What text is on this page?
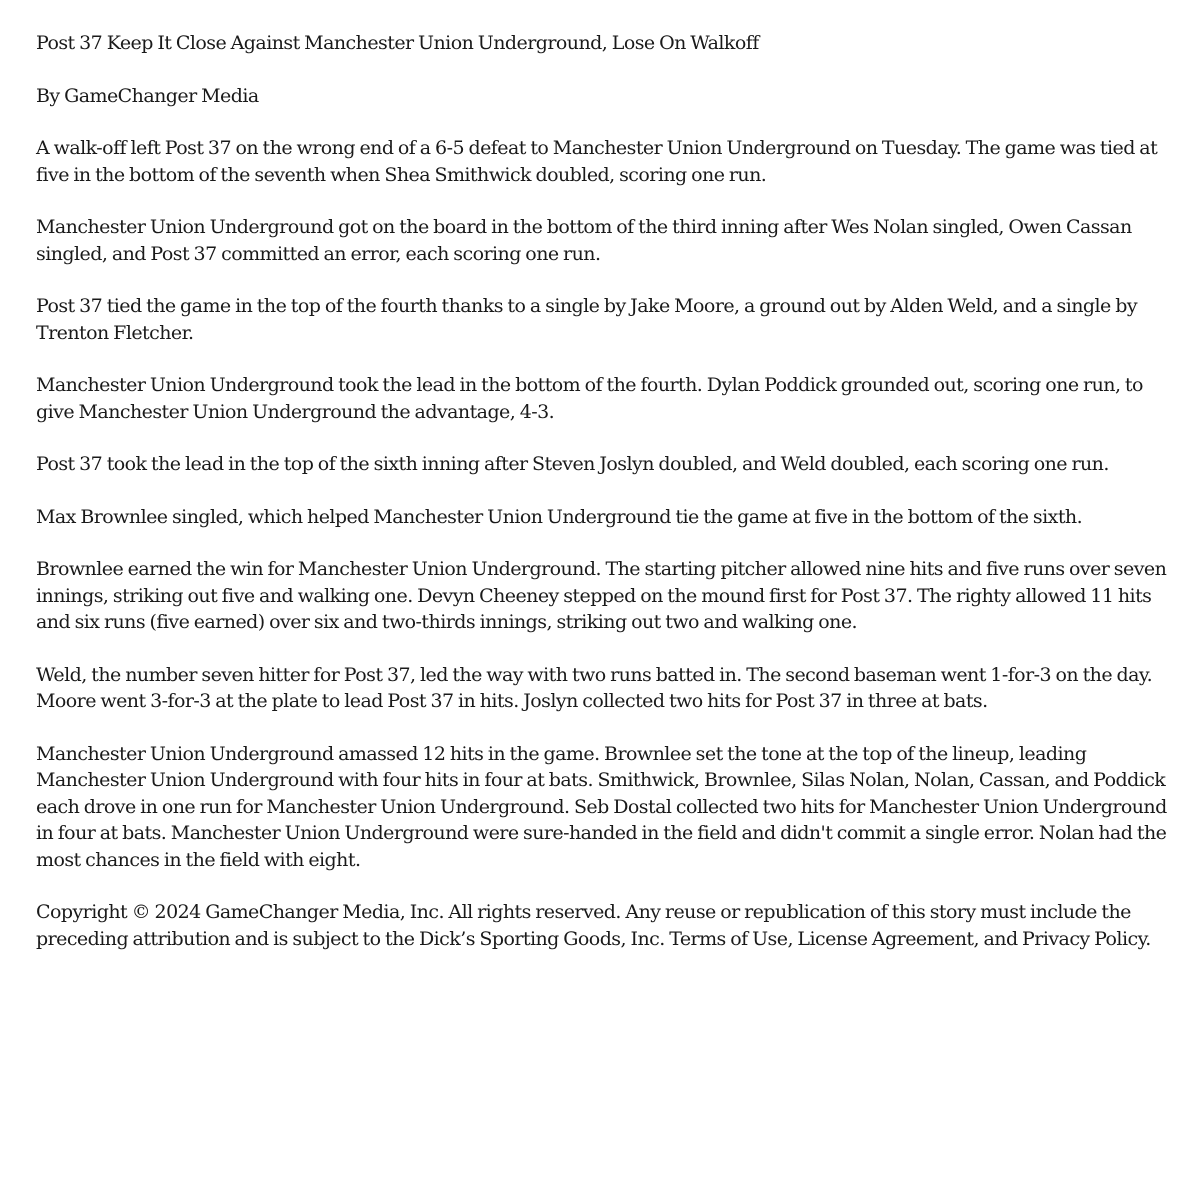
Post 37 Keep It Close Against Manchester Union Underground, Lose On Walkoff

By GameChanger Media

A walk-off left Post 37 on the wrong end of a 6-5 defeat to Manchester Union Underground on Tuesday. The game was tied at five in the bottom of the seventh when Shea Smithwick doubled, scoring one run.

Manchester Union Underground got on the board in the bottom of the third inning after Wes Nolan singled, Owen Cassan singled, and Post 37 committed an error, each scoring one run.

Post 37 tied the game in the top of the fourth thanks to a single by Jake Moore, a ground out by Alden Weld, and a single by Trenton Fletcher.

Manchester Union Underground took the lead in the bottom of the fourth. Dylan Poddick grounded out, scoring one run, to give Manchester Union Underground the advantage, 4-3.

Post 37 took the lead in the top of the sixth inning after Steven Joslyn doubled, and Weld doubled, each scoring one run.

Max Brownlee singled, which helped Manchester Union Underground tie the game at five in the bottom of the sixth.

Brownlee earned the win for Manchester Union Underground. The starting pitcher allowed nine hits and five runs over seven innings, striking out five and walking one. Devyn Cheeney stepped on the mound first for Post 37. The righty allowed 11 hits and six runs (five earned) over six and two-thirds innings, striking out two and walking one.

Weld, the number seven hitter for Post 37, led the way with two runs batted in. The second baseman went 1-for-3 on the day. Moore went 3-for-3 at the plate to lead Post 37 in hits. Joslyn collected two hits for Post 37 in three at bats.

Manchester Union Underground amassed 12 hits in the game. Brownlee set the tone at the top of the lineup, leading Manchester Union Underground with four hits in four at bats. Smithwick, Brownlee, Silas Nolan, Nolan, Cassan, and Poddick each drove in one run for Manchester Union Underground. Seb Dostal collected two hits for Manchester Union Underground in four at bats. Manchester Union Underground were sure-handed in the field and didn't commit a single error. Nolan had the most chances in the field with eight.

Copyright © 2024 GameChanger Media, Inc. All rights reserved. Any reuse or republication of this story must include the preceding attribution and is subject to the Dick’s Sporting Goods, Inc. Terms of Use, License Agreement, and Privacy Policy.
